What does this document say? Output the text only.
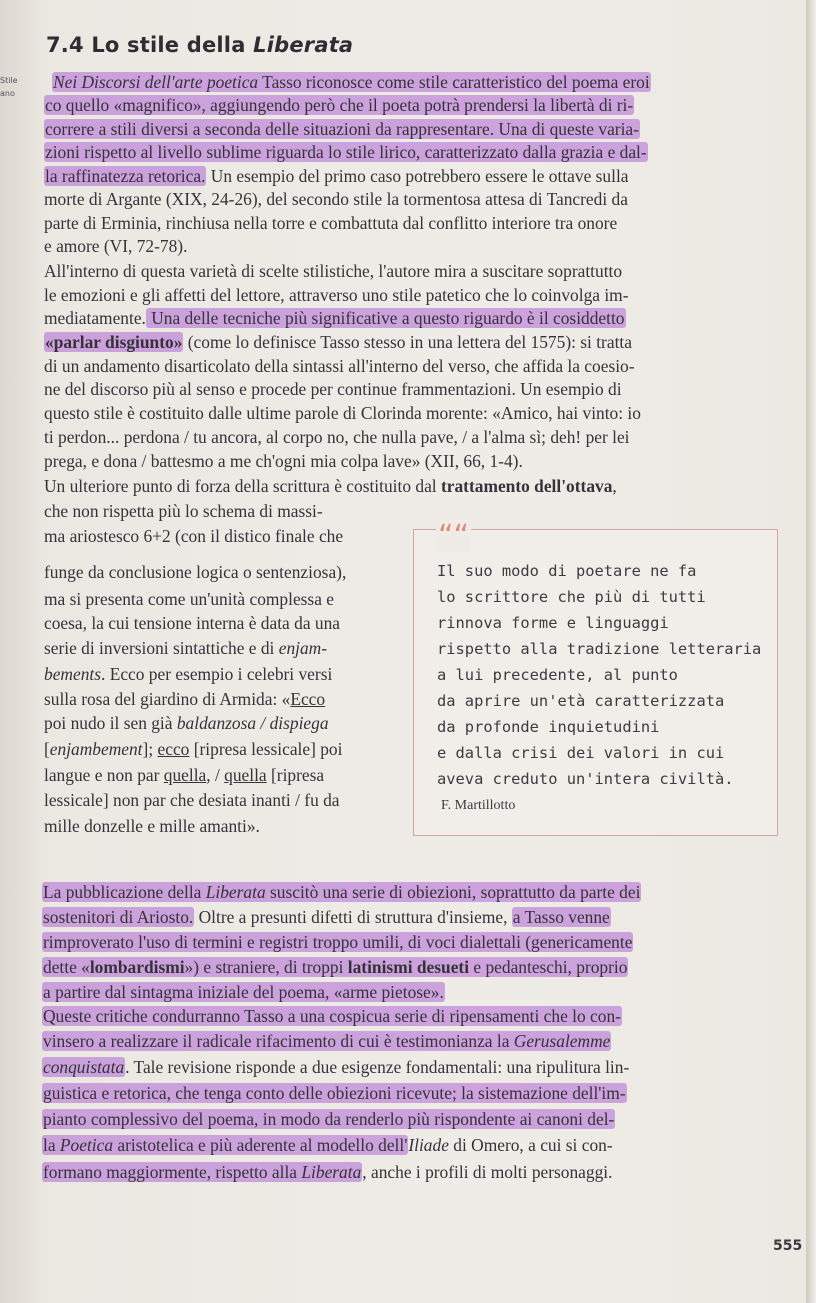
7.4 Lo stile della Liberata
Stile
ano
Nei Discorsi dell'arte poetica Tasso riconosce come stile caratteristico del poema eroi
co quello «magnifico», aggiungendo però che il poeta potrà prendersi la libertà di ri-
correre a stili diversi a seconda delle situazioni da rappresentare. Una di queste varia-
zioni rispetto al livello sublime riguarda lo stile lirico, caratterizzato dalla grazia e dal-
la raffinatezza retorica. Un esempio del primo caso potrebbero essere le ottave sulla
morte di Argante (XIX, 24-26), del secondo stile la tormentosa attesa di Tancredi da
parte di Erminia, rinchiusa nella torre e combattuta dal conflitto interiore tra onore
e amore (VI, 72-78).
All'interno di questa varietà di scelte stilistiche, l'autore mira a suscitare soprattutto
le emozioni e gli affetti del lettore, attraverso uno stile patetico che lo coinvolga im-
mediatamente. Una delle tecniche più significative a questo riguardo è il cosiddetto
«parlar disgiunto» (come lo definisce Tasso stesso in una lettera del 1575): si tratta
di un andamento disarticolato della sintassi all'interno del verso, che affida la coesio-
ne del discorso più al senso e procede per continue frammentazioni. Un esempio di
questo stile è costituito dalle ultime parole di Clorinda morente: «Amico, hai vinto: io
ti perdon... perdona / tu ancora, al corpo no, che nulla pave, / a l'alma sì; deh! per lei
prega, e dona / battesmo a me ch'ogni mia colpa lave» (XII, 66, 1-4).
Un ulteriore punto di forza della scrittura è costituito dal trattamento dell'ottava,
che non rispetta più lo schema di massi-
ma ariostesco 6+2 (con il distico finale che
funge da conclusione logica o sentenziosa),
ma si presenta come un'unità complessa e
coesa, la cui tensione interna è data da una
serie di inversioni sintattiche e di enjam-
bements. Ecco per esempio i celebri versi
sulla rosa del giardino di Armida: «Ecco
poi nudo il sen già baldanzosa / dispiega
[enjambement]; ecco [ripresa lessicale] poi
langue e non par quella, / quella [ripresa
lessicale] non par che desiata inanti / fu da
mille donzelle e mille amanti».
““
Il suo modo di poetare ne fa
lo scrittore che più di tutti
rinnova forme e linguaggi
rispetto alla tradizione letteraria
a lui precedente, al punto
da aprire un'età caratterizzata
da profonde inquietudini
e dalla crisi dei valori in cui
aveva creduto un'intera civiltà.
F. Martillotto
La pubblicazione della Liberata suscitò una serie di obiezioni, soprattutto da parte dei
sostenitori di Ariosto. Oltre a presunti difetti di struttura d'insieme, a Tasso venne
rimproverato l'uso di termini e registri troppo umili, di voci dialettali (genericamente
dette «lombardismi») e straniere, di troppi latinismi desueti e pedanteschi, proprio
a partire dal sintagma iniziale del poema, «arme pietose».
Queste critiche condurranno Tasso a una cospicua serie di ripensamenti che lo con-
vinsero a realizzare il radicale rifacimento di cui è testimonianza la Gerusalemme
conquistata. Tale revisione risponde a due esigenze fondamentali: una ripulitura lin-
guistica e retorica, che tenga conto delle obiezioni ricevute; la sistemazione dell'im-
pianto complessivo del poema, in modo da renderlo più rispondente ai canoni del-
la Poetica aristotelica e più aderente al modello dell'Iliade di Omero, a cui si con-
formano maggiormente, rispetto alla Liberata, anche i profili di molti personaggi.
555
